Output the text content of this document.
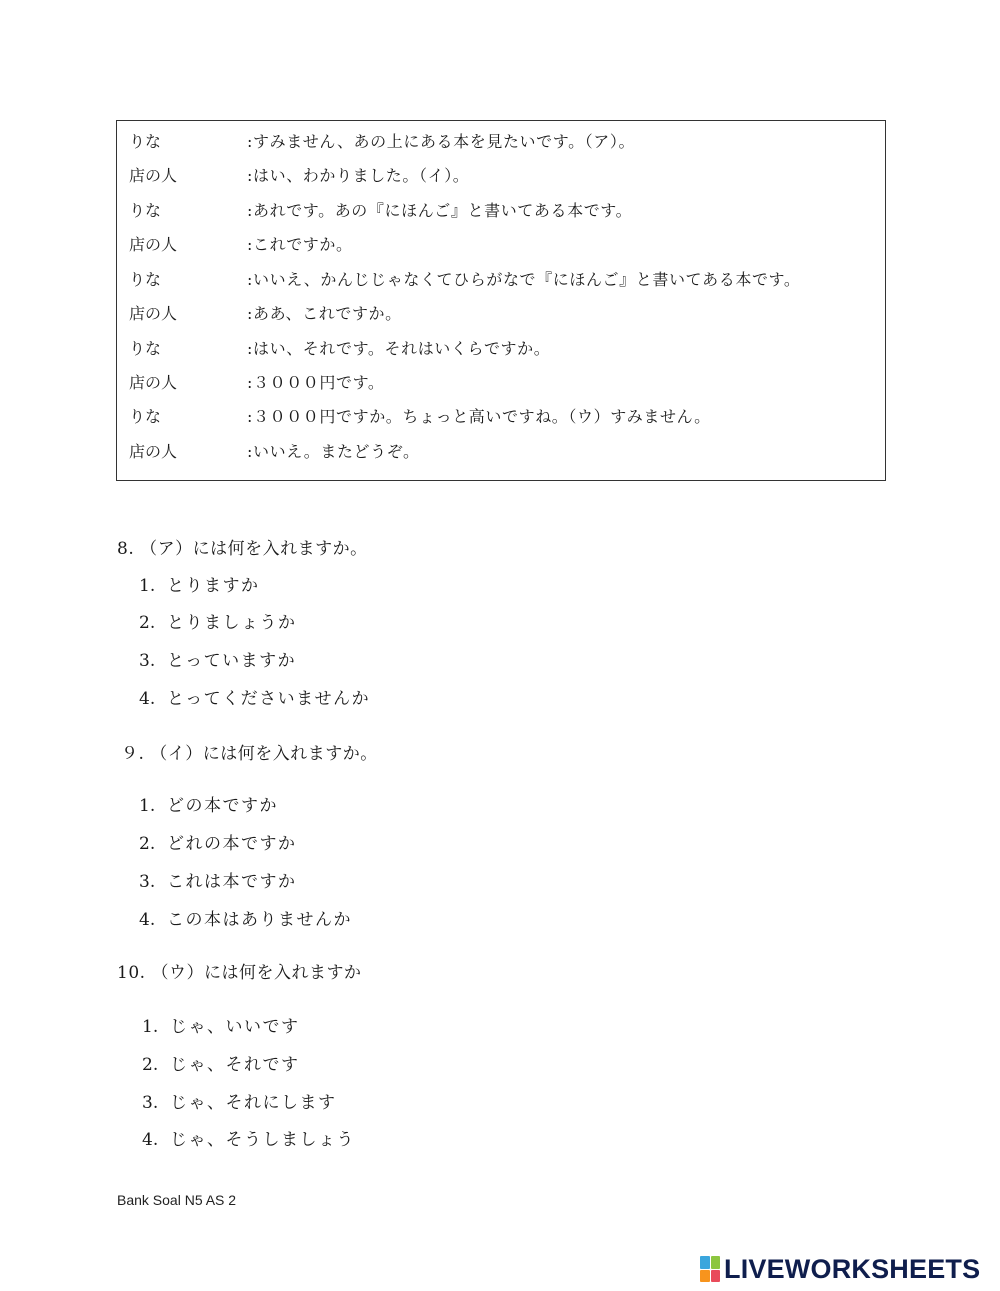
りな	:すみません、あの上にある本を見たいです。（ア）。
店の人	:はい、わかりました。（イ）。
りな	:あれです。あの『にほんご』と書いてある本です。
店の人	:これですか。
りな	:いいえ、かんじじゃなくてひらがなで『にほんご』と書いてある本です。
店の人	:ああ、これですか。
りな	:はい、それです。それはいくらですか。
店の人	:３０００円です。
りな	:３０００円ですか。ちょっと高いですね。（ウ）すみません。
店の人	:いいえ。またどうぞ。
8. （ア）には何を入れますか。
1. とりますか
2. とりましょうか
3. とっていますか
4. とってくださいませんか
９. （イ）には何を入れますか。
1. どの本ですか
2. どれの本ですか
3. これは本ですか
4. この本はありませんか
10. （ウ）には何を入れますか
1. じゃ、いいです
2. じゃ、それです
3. じゃ、それにします
4. じゃ、そうしましょう
Bank Soal N5 AS 2
LIVEWORKSHEETS
